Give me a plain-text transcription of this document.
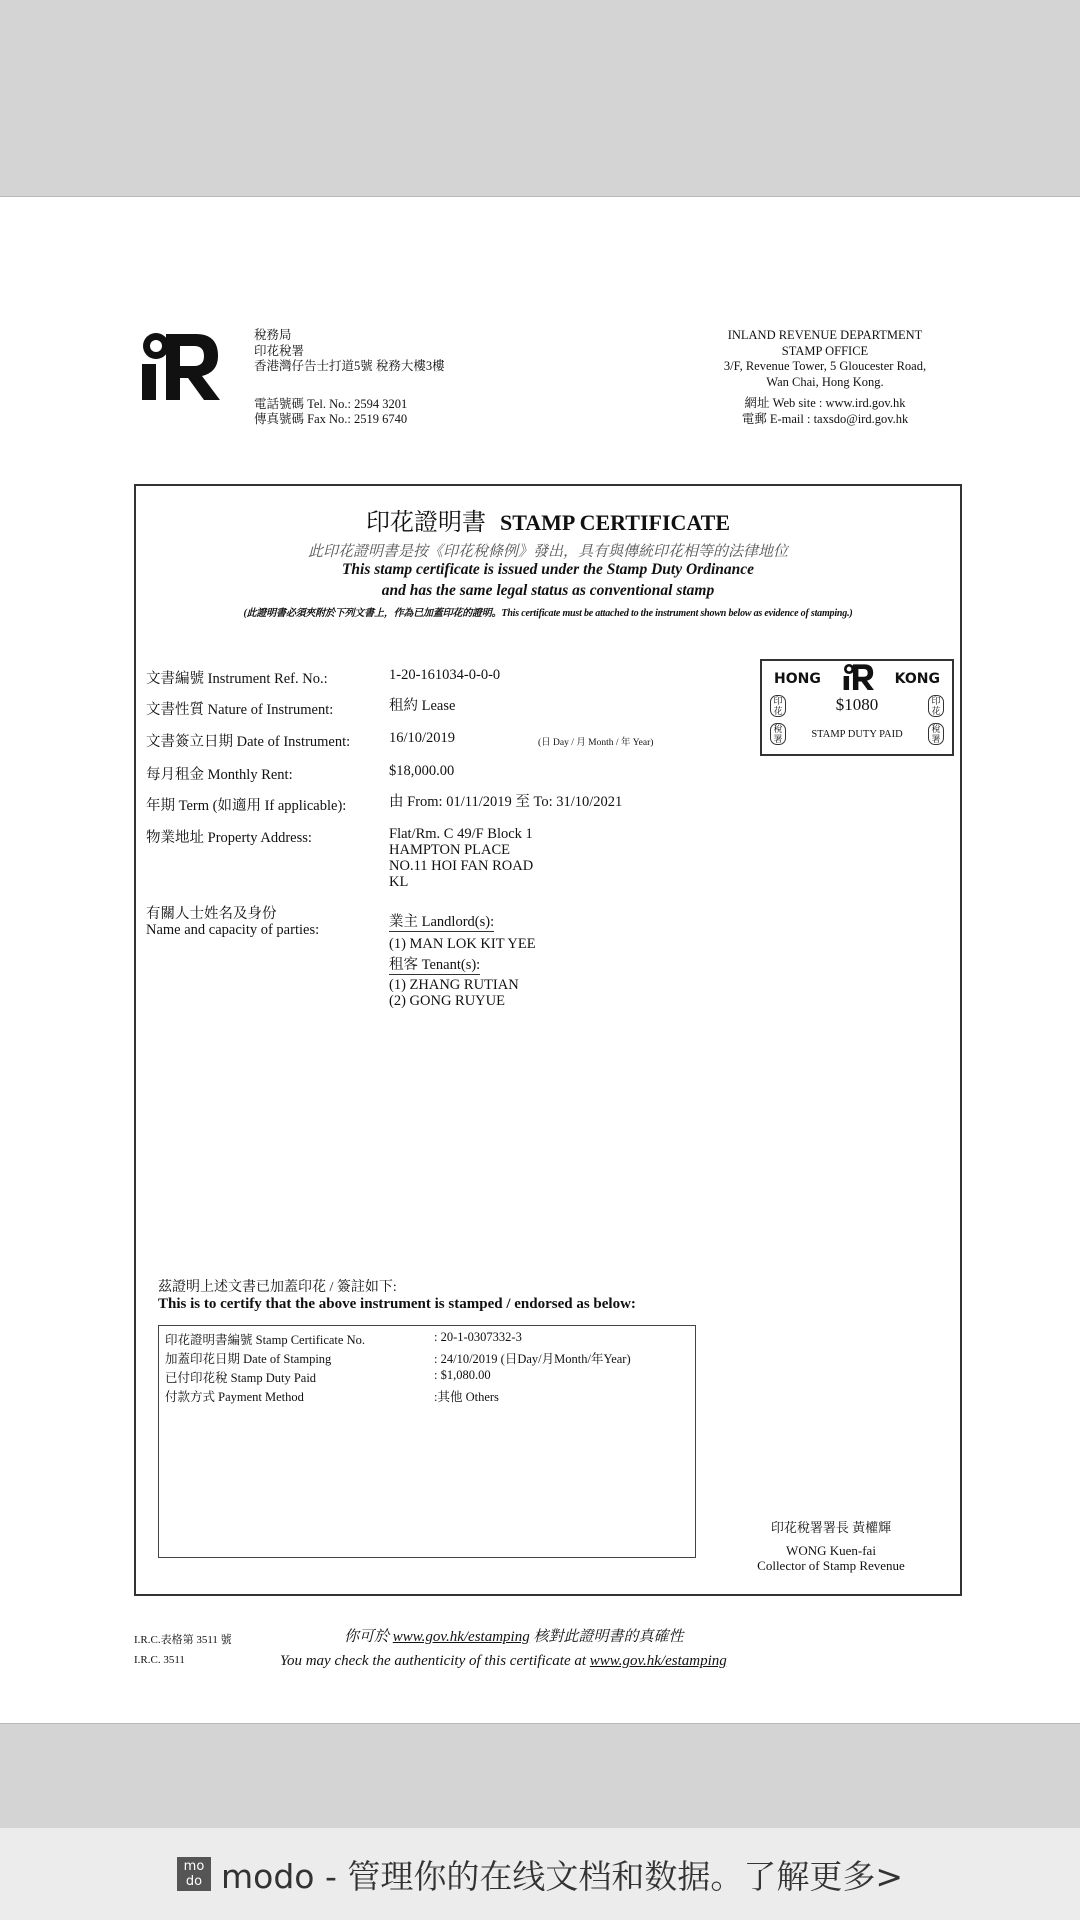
稅務局
印花稅署
香港灣仔告士打道5號 稅務大樓3樓
電話號碼 Tel. No.: 2594 3201
傳真號碼 Fax No.: 2519 6740
INLAND REVENUE DEPARTMENT
STAMP OFFICE
3/F, Revenue Tower, 5 Gloucester Road,
Wan Chai, Hong Kong.
網址 Web site : www.ird.gov.hk
電郵 E-mail : taxsdo@ird.gov.hk
印花證明書 STAMP CERTIFICATE
此印花證明書是按《印花稅條例》發出，具有與傳統印花相等的法律地位
This stamp certificate is issued under the Stamp Duty Ordinance
and has the same legal status as conventional stamp
(此證明書必須夾附於下列文書上，作為已加蓋印花的證明。This certificate must be attached to the instrument shown below as evidence of stamping.)
文書編號 Instrument Ref. No.:	1-20-161034-0-0-0
文書性質 Nature of Instrument:	租約 Lease
文書簽立日期 Date of Instrument:	16/10/2019	(日 Day / 月 Month / 年 Year)
每月租金 Monthly Rent:	$18,000.00
年期 Term (如適用 If applicable):	由 From: 01/11/2019 至 To: 31/10/2021
物業地址 Property Address:	Flat/Rm. C 49/F Block 1
HAMPTON PLACE
NO.11 HOI FAN ROAD
KL
有關人士姓名及身份
Name and capacity of parties:	業主 Landlord(s):
(1) MAN LOK KIT YEE
租客 Tenant(s):
(1) ZHANG RUTIAN
(2) GONG RUYUE
HONG	KONG
$1080
STAMP DUTY PAID
印花
稅署
印花
稅署
茲證明上述文書已加蓋印花 / 簽註如下:
This is to certify that the above instrument is stamped / endorsed as below:
印花證明書編號 Stamp Certificate No.	: 20-1-0307332-3
加蓋印花日期 Date of Stamping	: 24/10/2019 (日Day/月Month/年Year)
已付印花稅 Stamp Duty Paid	: $1,080.00
付款方式 Payment Method	:其他 Others
印花稅署署長 黃權輝
WONG Kuen-fai
Collector of Stamp Revenue
I.R.C.表格第 3511 號
I.R.C. 3511
你可於 www.gov.hk/estamping 核對此證明書的真確性
You may check the authenticity of this certificate at www.gov.hk/estamping
mo do modo - 管理你的在线文档和数据。了解更多>
